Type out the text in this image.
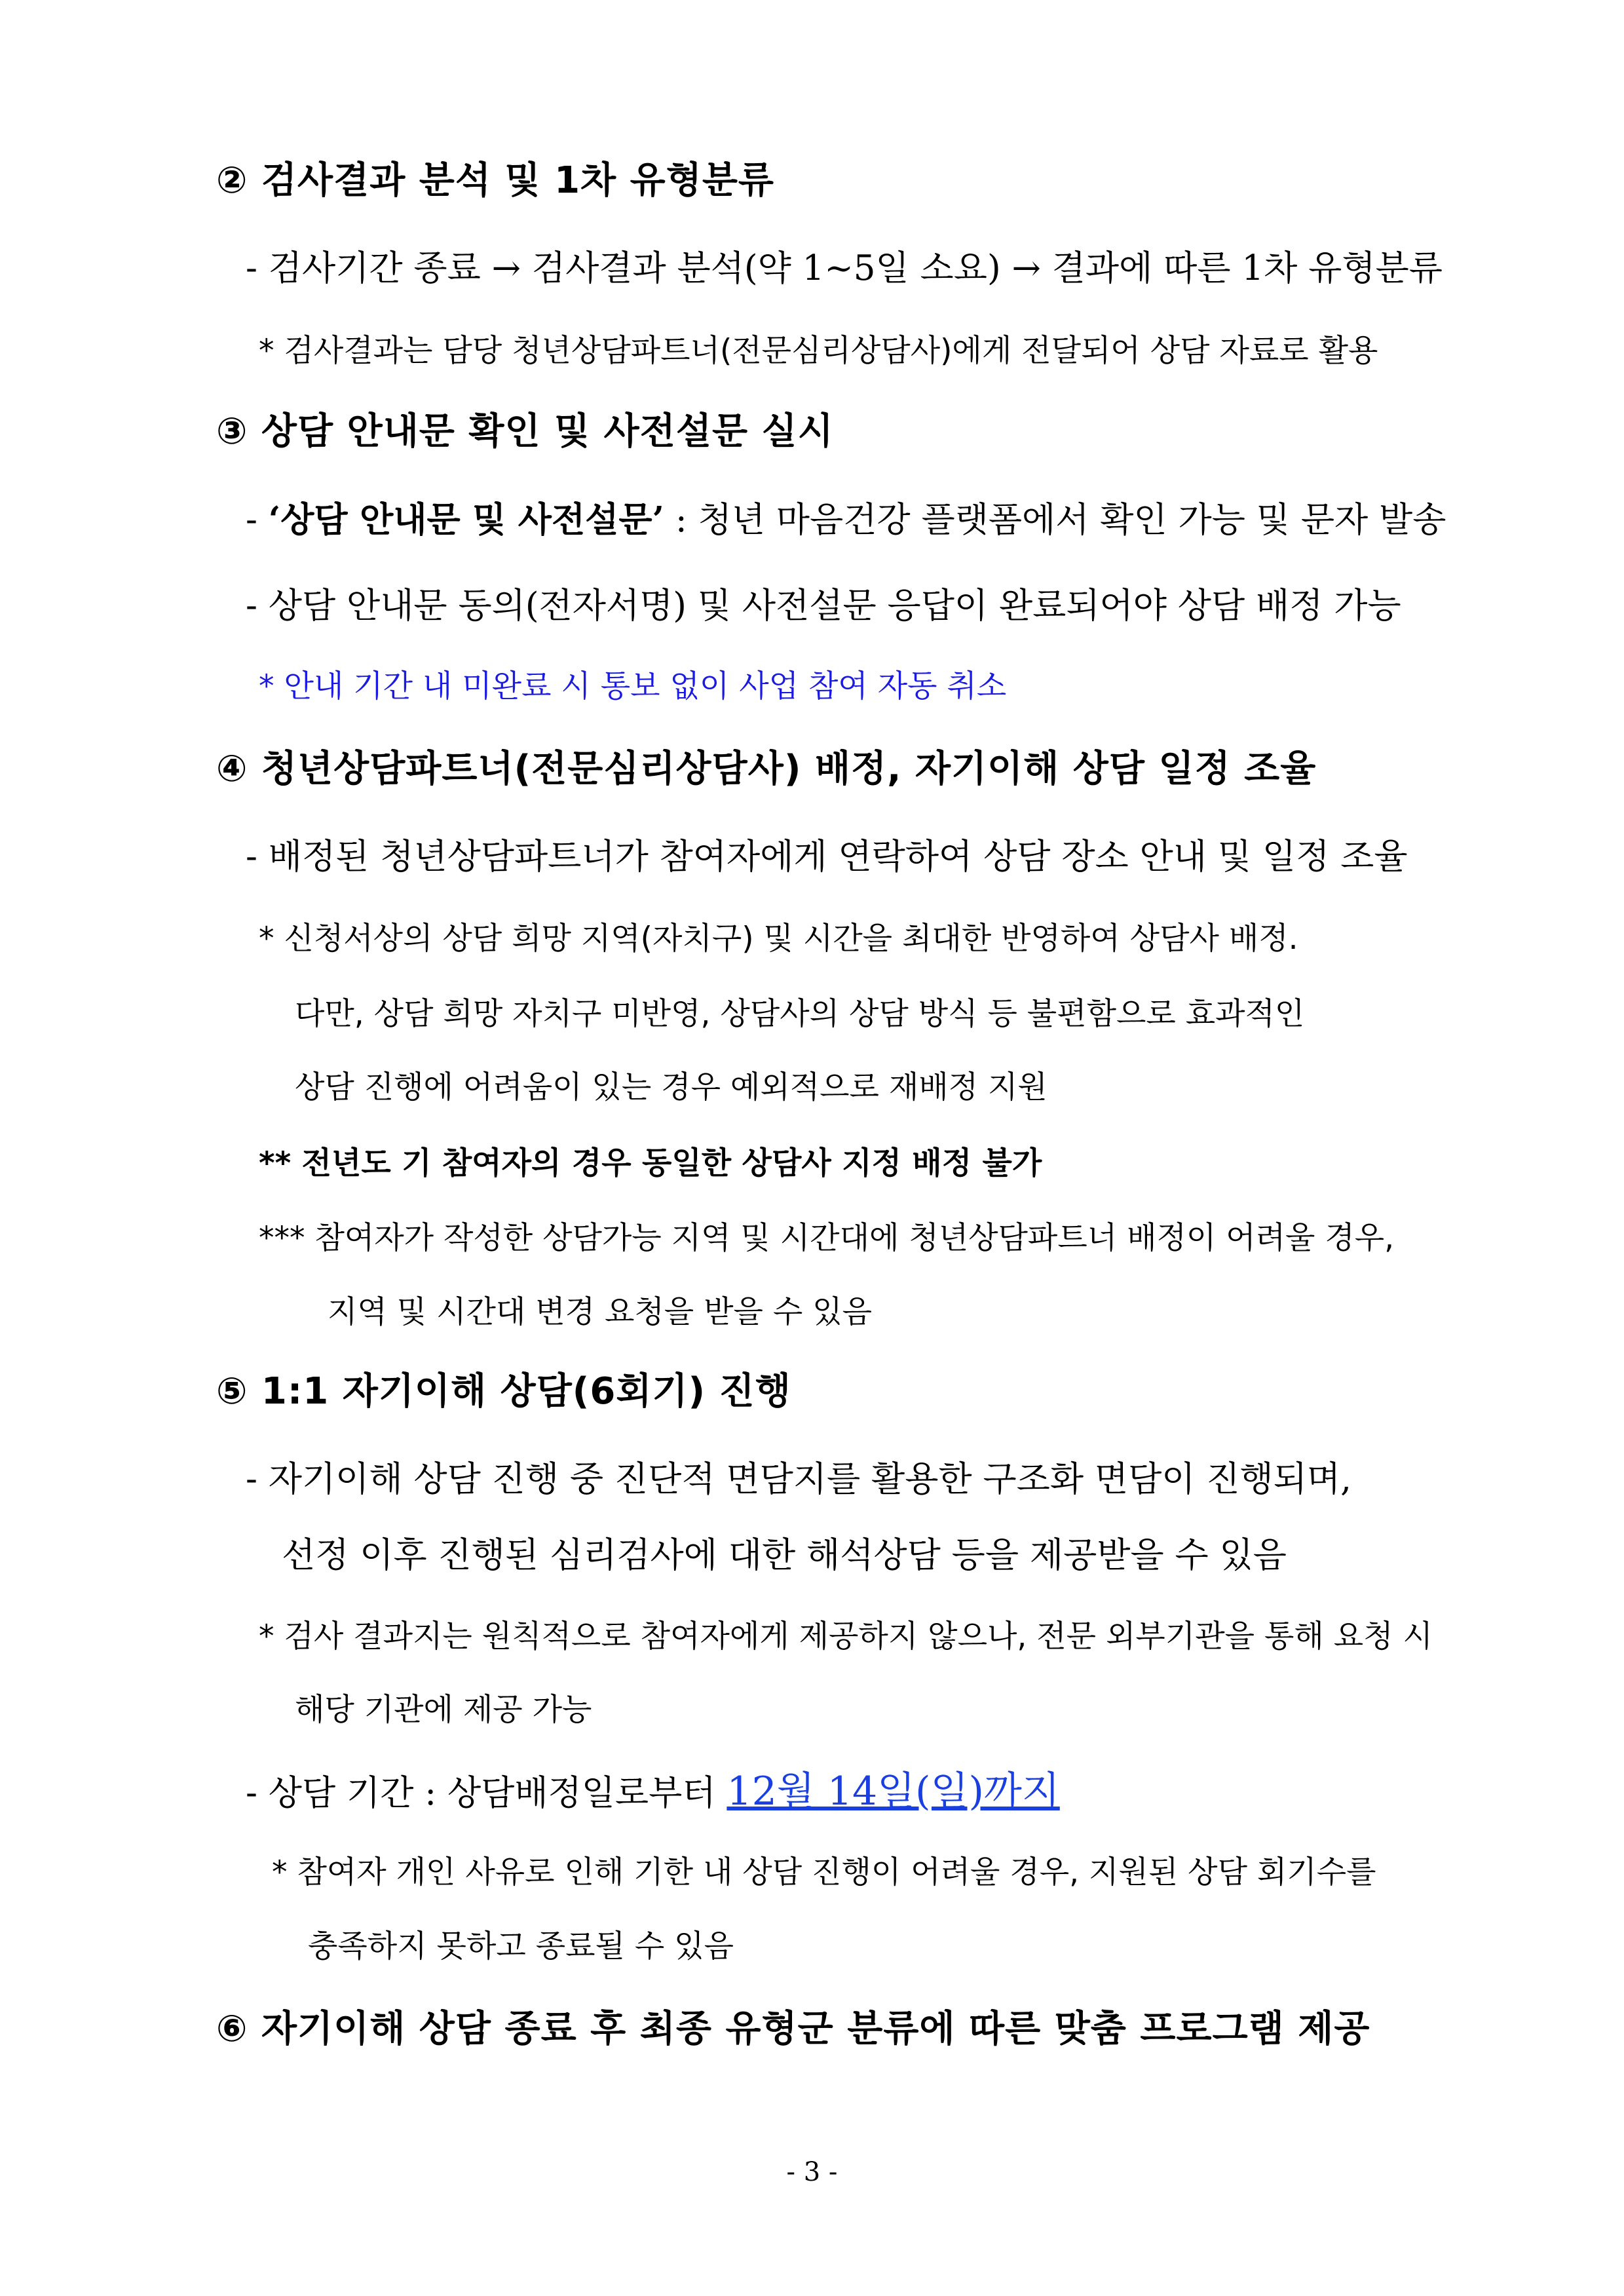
② 검사결과 분석 및 1차 유형분류
- 검사기간 종료 → 검사결과 분석(약 1~5일 소요) → 결과에 따른 1차 유형분류
* 검사결과는 담당 청년상담파트너(전문심리상담사)에게 전달되어 상담 자료로 활용
③ 상담 안내문 확인 및 사전설문 실시
- ‘상담 안내문 및 사전설문’ : 청년 마음건강 플랫폼에서 확인 가능 및 문자 발송
- 상담 안내문 동의(전자서명) 및 사전설문 응답이 완료되어야 상담 배정 가능
* 안내 기간 내 미완료 시 통보 없이 사업 참여 자동 취소
④ 청년상담파트너(전문심리상담사) 배정, 자기이해 상담 일정 조율
- 배정된 청년상담파트너가 참여자에게 연락하여 상담 장소 안내 및 일정 조율
* 신청서상의 상담 희망 지역(자치구) 및 시간을 최대한 반영하여 상담사 배정.
다만, 상담 희망 자치구 미반영, 상담사의 상담 방식 등 불편함으로 효과적인
상담 진행에 어려움이 있는 경우 예외적으로 재배정 지원
** 전년도 기 참여자의 경우 동일한 상담사 지정 배정 불가
*** 참여자가 작성한 상담가능 지역 및 시간대에 청년상담파트너 배정이 어려울 경우,
지역 및 시간대 변경 요청을 받을 수 있음
⑤ 1:1 자기이해 상담(6회기) 진행
- 자기이해 상담 진행 중 진단적 면담지를 활용한 구조화 면담이 진행되며,
선정 이후 진행된 심리검사에 대한 해석상담 등을 제공받을 수 있음
* 검사 결과지는 원칙적으로 참여자에게 제공하지 않으나, 전문 외부기관을 통해 요청 시
해당 기관에 제공 가능
- 상담 기간 : 상담배정일로부터 12월 14일(일)까지
* 참여자 개인 사유로 인해 기한 내 상담 진행이 어려울 경우, 지원된 상담 회기수를
충족하지 못하고 종료될 수 있음
⑥ 자기이해 상담 종료 후 최종 유형군 분류에 따른 맞춤 프로그램 제공
- 3 -
